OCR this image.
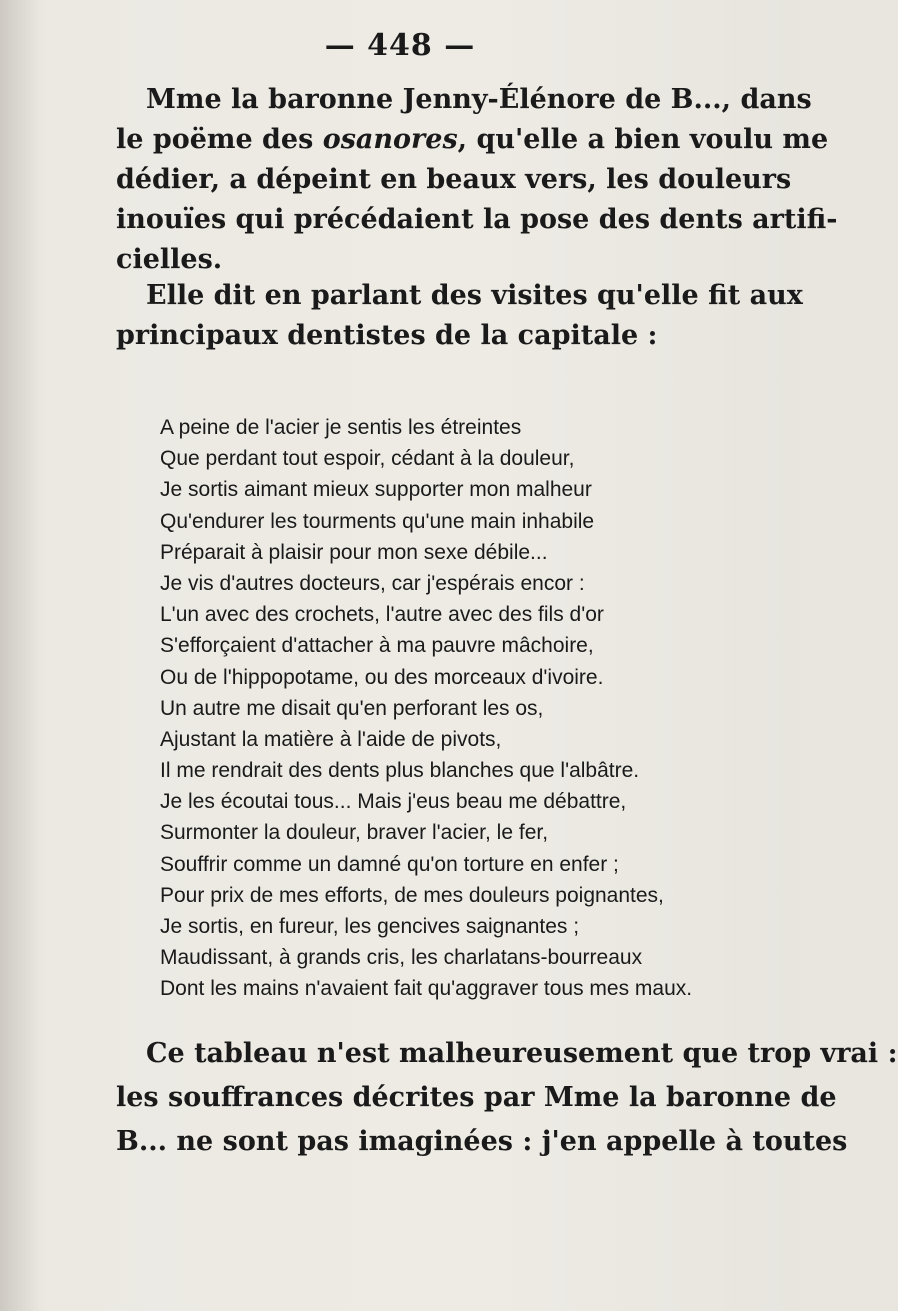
— 448 —
Mme la baronne Jenny-Élénore de B..., dans
le poëme des osanores, qu'elle a bien voulu me
dédier, a dépeint en beaux vers, les douleurs
inouïes qui précédaient la pose des dents artifi-
cielles.
Elle dit en parlant des visites qu'elle fit aux
principaux dentistes de la capitale :
A peine de l'acier je sentis les étreintes
Que perdant tout espoir, cédant à la douleur,
Je sortis aimant mieux supporter mon malheur
Qu'endurer les tourments qu'une main inhabile
Préparait à plaisir pour mon sexe débile...
Je vis d'autres docteurs, car j'espérais encor :
L'un avec des crochets, l'autre avec des fils d'or
S'efforçaient d'attacher à ma pauvre mâchoire,
Ou de l'hippopotame, ou des morceaux d'ivoire.
Un autre me disait qu'en perforant les os,
Ajustant la matière à l'aide de pivots,
Il me rendrait des dents plus blanches que l'albâtre.
Je les écoutai tous... Mais j'eus beau me débattre,
Surmonter la douleur, braver l'acier, le fer,
Souffrir comme un damné qu'on torture en enfer ;
Pour prix de mes efforts, de mes douleurs poignantes,
Je sortis, en fureur, les gencives saignantes ;
Maudissant, à grands cris, les charlatans-bourreaux
Dont les mains n'avaient fait qu'aggraver tous mes maux.
Ce tableau n'est malheureusement que trop vrai :
les souffrances décrites par Mme la baronne de
B... ne sont pas imaginées : j'en appelle à toutes
